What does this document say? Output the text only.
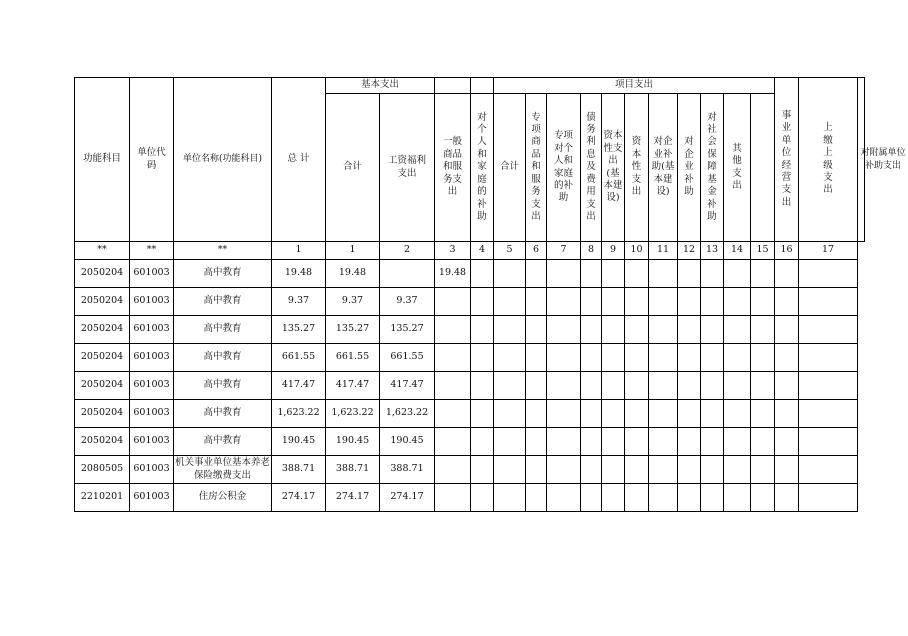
功能科目	单位代码	单位名称(功能科目)	总 计	基本支出				项目支出											事业单位经营支出	上缴上级支出	对附属单位补助支出
				合计	工资福利支出	一般商品和服务支出	对个人和家庭的补助	合计	专项商品和服务支出	专项对个人和家庭的补助	债务利息及费用支出	资本性支出(基本建设)	资本性支出	对企业补助(基本建设)	对企业补助	对社会保障基金补助	其他支出				
**	**	**	1	1	2	3	4	5	6	7	8	9	10	11	12	13	14	15	16	17	
2050204	601003	高中教育	19.48	19.48		19.48															
2050204	601003	高中教育	9.37	9.37	9.37																
2050204	601003	高中教育	135.27	135.27	135.27																
2050204	601003	高中教育	661.55	661.55	661.55																
2050204	601003	高中教育	417.47	417.47	417.47																
2050204	601003	高中教育	1,623.22	1,623.22	1,623.22																
2050204	601003	高中教育	190.45	190.45	190.45																
2080505	601003	机关事业单位基本养老保险缴费支出	388.71	388.71	388.71																
2210201	601003	住房公积金	274.17	274.17	274.17																
